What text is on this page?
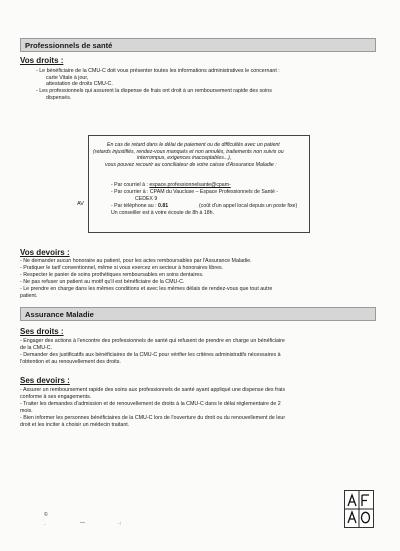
Professionnels de santé
Vos droits :
- Le bénéficiaire de la CMU-C doit vous présenter toutes les informations administratives le concernant :
carte Vitale à jour,
attestation de droits CMU-C.
- Les professionnels qui assurent la dispense de frais ont droit à un remboursement rapide des soins
dispensés.
En cas de retard dans le délai de paiement ou de difficultés avec un patient
(retards injustifiés, rendez-vous manqués et non annulés, traitements non suivis ou
interrompus, exigences inacceptables...),
vous pouvez recourir au conciliateur de votre caisse d'Assurance Maladie :
- Par courriel à : espace.professionnelsante@cpam-
- Par courrier à : CPAM du Vaucluse – Espace Professionnels de Santé -
CEDEX 9
- Par téléphone au : 0.81	(coût d'un appel local depuis un poste fixe)
Un conseiller est à votre écoute de 8h à 18h.
AV
Vos devoirs :
- Ne demander aucun honoraire au patient, pour les actes remboursables par l'Assurance Maladie.
- Pratiquer le tarif conventionnel, même si vous exercez en secteur à honoraires libres.
- Respecter le panier de soins prothétiques remboursables en soins dentaires.
- Ne pas refuser un patient au motif qu'il est bénéficiaire de la CMU-C.
- Le prendre en charge dans les mêmes conditions et avec les mêmes délais de rendez-vous que tout autre
patient.
Assurance Maladie
Ses droits :
- Engager des actions à l'encontre des professionnels de santé qui refusent de prendre en charge un bénéficiaire
de la CMU-C.
- Demander des justificatifs aux bénéficiaires de la CMU-C pour vérifier les critères administratifs nécessaires à
l'obtention et au renouvellement des droits.
Ses devoirs :
- Assurer un remboursement rapide des soins aux professionnels de santé ayant appliqué une dispense des frais
conforme à ses engagements.
- Traiter les demandes d'admission et de renouvellement de droits à la CMU-C dans le délai réglementaire de 2
mois.
- Bien informer les personnes bénéficiaires de la CMU-C lors de l'ouverture du droit ou du renouvellement de leur
droit et les inciter à choisir un médecin traitant.
©
·	—	·:
